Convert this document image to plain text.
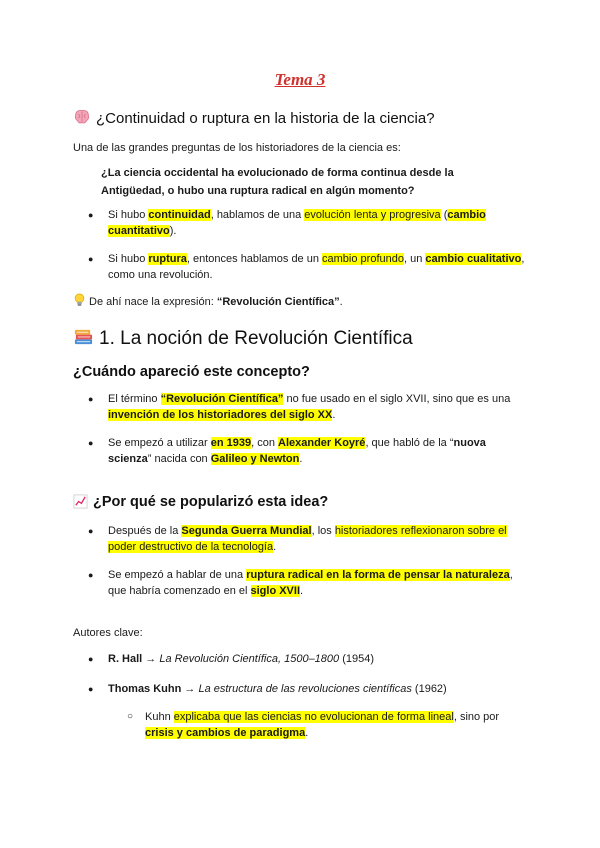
Tema 3
¿Continuidad o ruptura en la historia de la ciencia?
Una de las grandes preguntas de los historiadores de la ciencia es:
¿La ciencia occidental ha evolucionado de forma continua desde la Antigüedad, o hubo una ruptura radical en algún momento?
● Si hubo continuidad, hablamos de una evolución lenta y progresiva (cambio cuantitativo).
● Si hubo ruptura, entonces hablamos de un cambio profundo, un cambio cualitativo, como una revolución.
De ahí nace la expresión: “Revolución Científica”.
1. La noción de Revolución Científica
¿Cuándo apareció este concepto?
● El término “Revolución Científica” no fue usado en el siglo XVII, sino que es una invención de los historiadores del siglo XX.
● Se empezó a utilizar en 1939, con Alexander Koyré, que habló de la “nuova scienza” nacida con Galileo y Newton.
¿Por qué se popularizó esta idea?
● Después de la Segunda Guerra Mundial, los historiadores reflexionaron sobre el poder destructivo de la tecnología.
● Se empezó a hablar de una ruptura radical en la forma de pensar la naturaleza, que habría comenzado en el siglo XVII.
Autores clave:
● R. Hall → La Revolución Científica, 1500–1800 (1954)
● Thomas Kuhn → La estructura de las revoluciones científicas (1962)
○ Kuhn explicaba que las ciencias no evolucionan de forma lineal, sino por crisis y cambios de paradigma.
